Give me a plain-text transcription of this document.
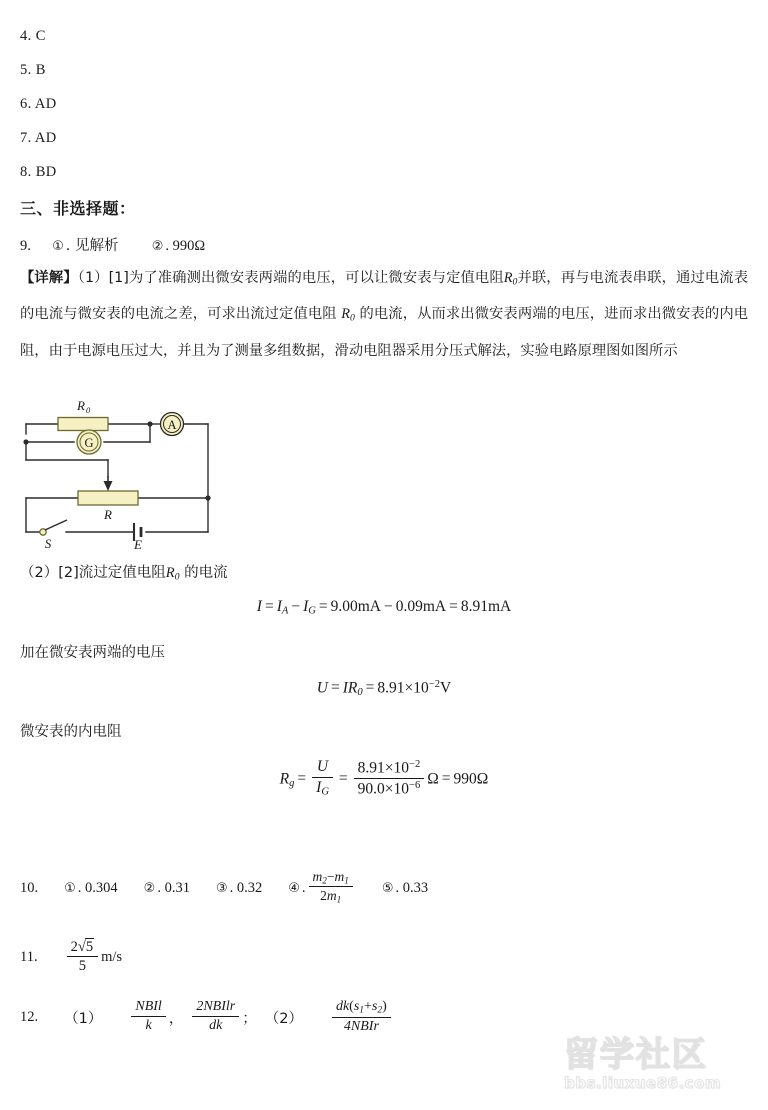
4. C
5. B
6. AD
7. AD
8. BD
三、非选择题：
9. ① . 见解析	② . 990Ω
【详解】（1）[1]为了准确测出微安表两端的电压，可以让微安表与定值电阻$R_0$并联，再与电流表串联，通过电流表的电流与微安表的电流之差，可求出流过定值电阻 $R_0$ 的电流，从而求出微安表两端的电压，进而求出微安表的内电阻，由于电源电压过大，并且为了测量多组数据，滑动电阻器采用分压式解法，实验电路原理图如图所示
R 0
G
A
R
S	E
（2）[2]流过定值电阻$R_0$ 的电流
$I = I_A - I_G = 9.00mA - 0.09mA = 8.91mA$
加在微安表两端的电压
$U = IR_0 = 8.91\times 10^{-2}V$
微安表的内电阻
$R_g = \frac{U}{I_G} = \frac{8.91\times 10^{-2}}{90.0\times 10^{-6}}$ Ω = 990Ω
10. ① . 0.304 ② . 0.31 ③ . 0.32 ④ . $\frac{m_2-m_1}{2m_1}$ ⑤ . 0.33
11. $\frac{2√5}{5} m/s$
12. $(1) \frac{\text{NBIl}}{k}$ ， $\frac{\text{2NBIlr}}{dk}$ ； $(2) \frac{dk(s_1+s_2)}{\text{4NBIr}}$
留学社区
bbs.liuxue86.com
